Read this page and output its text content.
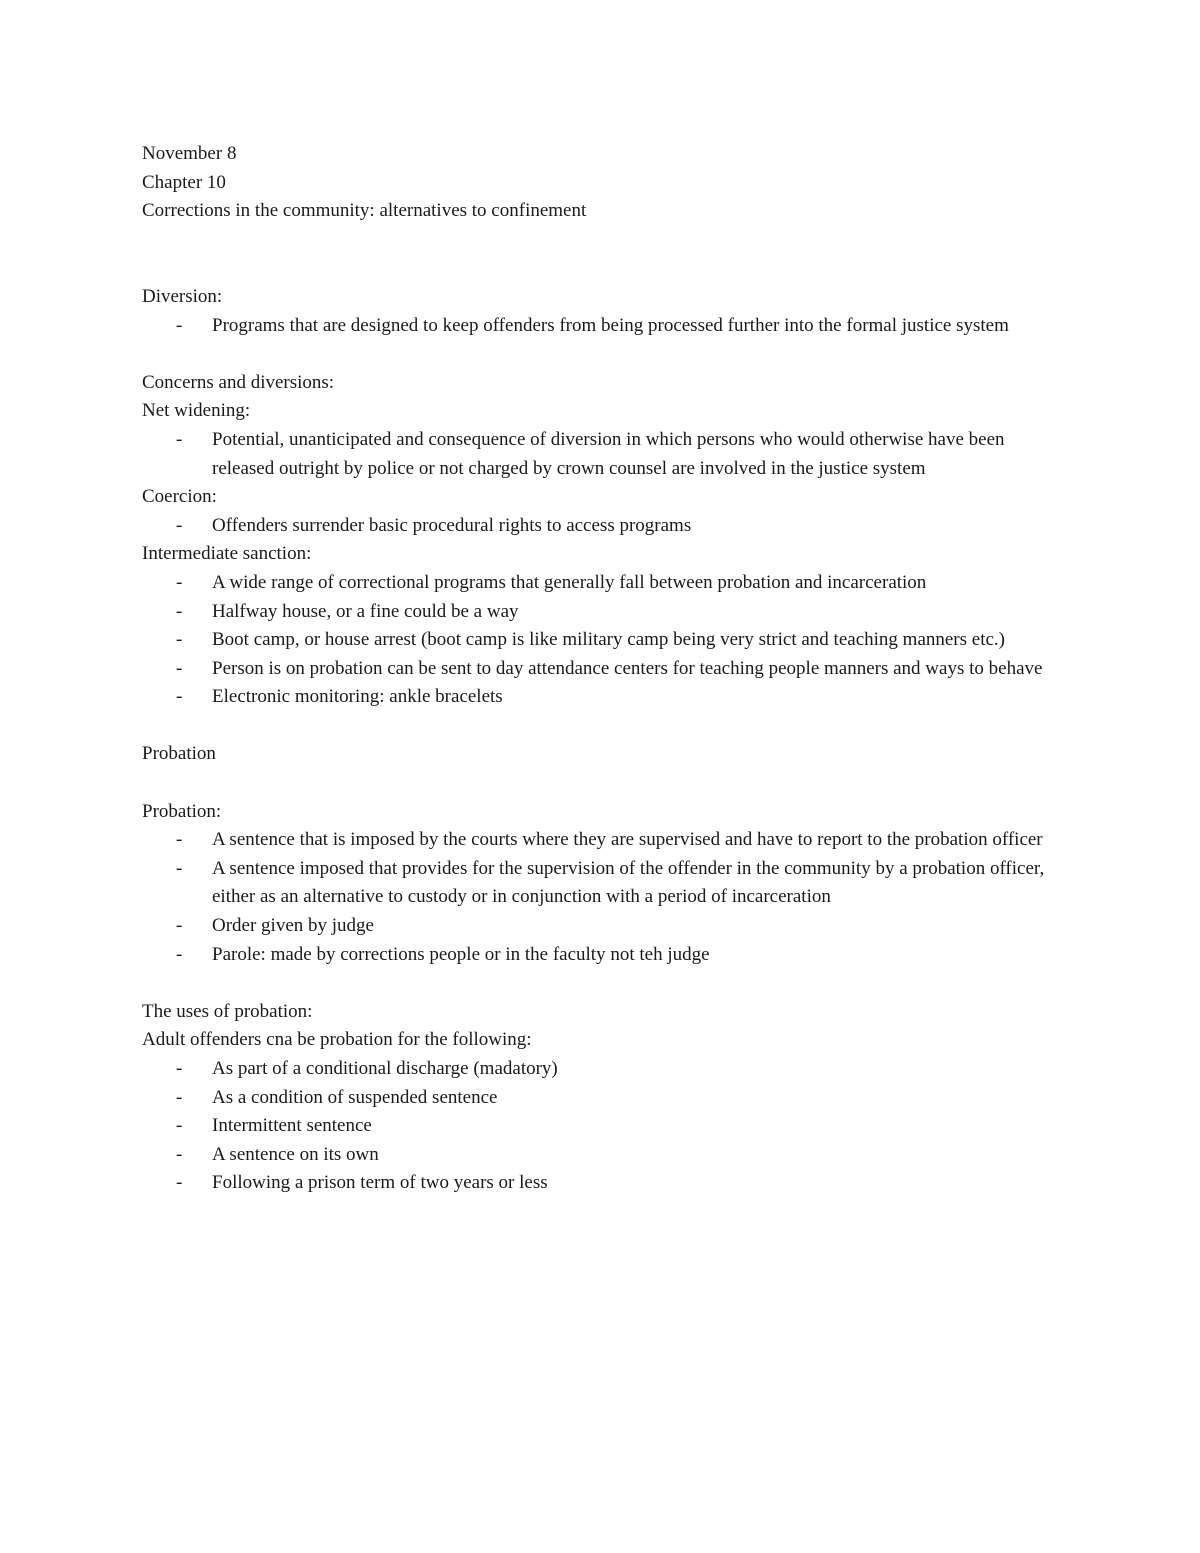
November 8

Chapter 10

Corrections in the community: alternatives to confinement

Diversion:

- Programs that are designed to keep offenders from being processed further into the formal justice system

Concerns and diversions:

Net widening:

- Potential, unanticipated and consequence of diversion in which persons who would otherwise have been released outright by police or not charged by crown counsel are involved in the justice system

Coercion:

- Offenders surrender basic procedural rights to access programs

Intermediate sanction:

- A wide range of correctional programs that generally fall between probation and incarceration
- Halfway house, or a fine could be a way
- Boot camp, or house arrest (boot camp is like military camp being very strict and teaching manners etc.)
- Person is on probation can be sent to day attendance centers for teaching people manners and ways to behave
- Electronic monitoring: ankle bracelets

Probation

Probation:

- A sentence that is imposed by the courts where they are supervised and have to report to the probation officer
- A sentence imposed that provides for the supervision of the offender in the community by a probation officer, either as an alternative to custody or in conjunction with a period of incarceration
- Order given by judge
- Parole: made by corrections people or in the faculty not teh judge

The uses of probation:

Adult offenders cna be probation for the following:

- As part of a conditional discharge (madatory)
- As a condition of suspended sentence
- Intermittent sentence
- A sentence on its own
- Following a prison term of two years or less
